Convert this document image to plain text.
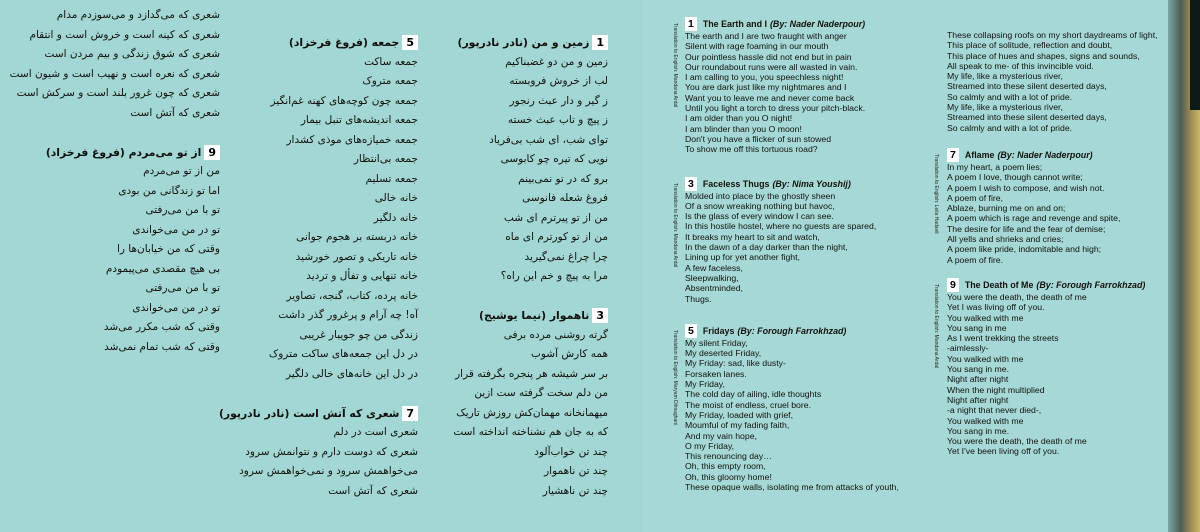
1
زمین و من (نادر نادرپور)
زمین و من دو غضبناکیم
لب از خروش فروبسته
ز گیر و دار عبث رنجور
ز پیچ و تاب عبث خسته
توای شب، ای شب بی‌فریاد
نویی که تیره چو کابوسی
برو که در تو نمی‌بینم
فروغ شعله فانوسی
من از تو پیرترم ای شب
من از تو کورترم ای ماه
چرا چراغ نمی‌گیرید
مرا به پیچ و خم این راه؟

3
ناهموار (نیما یوشیج)
گرته روشنی مرده برفی
همه کارش آشوب
بر سر شیشه هر پنجره بگرفته قرار
من دلم سخت گرفته ست ازین
میهمانخانه مهمان‌کش روزش تاریک
که به جان هم نشناخته انداخته است
چند تن خواب‌آلود
چند تن ناهموار
چند تن ناهشیار
5
جمعه (فروغ فرخزاد)
جمعه ساکت
جمعه متروک
جمعه چون کوچه‌های کهنه غم‌انگیز
جمعه اندیشه‌های تنبل بیمار
جمعه خمیازه‌های موذی کشدار
جمعه بی‌انتظار
جمعه تسلیم
خانه خالی
خانه دلگیر
خانه دربسته بر هجوم جوانی
خانه تاریکی و تصور خورشید
خانه تنهایی و تفأل و تردید
خانه پرده، کتاب، گنجه، تصاویر
آه‌! چه آرام و پرغرور گذر داشت
زندگی من چو جویبار غریبی
در دل این جمعه‌های ساکت متروک
در دل این خانه‌های خالی دلگیر

7
شعری که آتش است (نادر نادرپور)
شعری است در دلم
شعری که دوست دارم و نتوانمش سرود
می‌خواهمش سرود و نمی‌خواهمش سرود
شعری که آتش است
شعری که می‌گدازد و می‌سوزدم مدام
شعری که کینه است و خروش است و انتقام
شعری که شوق زندگی و بیم مردن است
شعری که نعره است و نهیب است و شیون است
شعری که چون غرور بلند است و سرکش است
شعری که آتش است

9
از تو می‌مردم (فروغ فرخزاد)
من از تو می‌مردم
اما تو زندگانی من بودی
تو با من می‌رفتی
تو در من می‌خواندی
وقتی که من خیابان‌ها را
بی هیچ مقصدی می‌پیمودم
تو با من می‌رفتی
تو در من می‌خواندی
وقتی که شب مکرر می‌شد
وقتی که شب تمام نمی‌شد
1	The Earth and I (By: Nader Naderpour)
The earth and I are two fraught with anger
Silent with rage foaming in our mouth
Our pointless hassle did not end but in pain
Our roundabout runs were all wasted in vain.
I am calling to you, you speechless night!
You are dark just like my nightmares and I
Want you to leave me and never come back
Until you light a torch to dress your pitch-black.
I am older than you O night!
I am blinder than you O moon!
Don't you have a flicker of sun stowed
To show me off this tortuous road?
Translation to English: Mandana Ardal
3	Faceless Thugs (By: Nima Youshij)
Molded into place by the ghostly sheen
Of a snow wreaking nothing but havoc,
Is the glass of every window I can see.
In this hostile hostel, where no guests are spared,
It breaks my heart to sit and watch,
In the dawn of a day darker than the night,
Lining up for yet another fight,
A few faceless,
Sleepwalking,
Absentminded,
Thugs.
Translation to English: Mandana Ardal
5	Fridays (By: Forough Farrokhzad)
My silent Friday,
My deserted Friday,
My Friday: sad, like dusty-
Forsaken lanes.
My Friday,
The cold day of ailing, idle thoughts
The moist of endless, cruel bore.
My Friday, loaded with grief,
Moumful of my fading faith,
And my vain hope,
O my Friday,
This renouncing day…
Oh, this empty room,
Oh, this gloomy home!
These opaque walls, isolating me from attacks of youth,
Translation to English: Maryam Dilmaghani
These collapsing roofs on my short daydreams of light,
This place of solitude, reflection and doubt,
This place of hues and shapes, signs and sounds,
All speak to me- of this invincible void.
My life, like a mysterious river,
Streamed into these silent deserted days,
So calmly and with a lot of pride.
My life, like a mysterious river,
Streamed into these silent deserted days,
So calmly and with a lot of pride.
7	Aflame (By: Nader Naderpour)
In my heart, a poem lies;
A poem I love, though cannot write;
A poem I wish to compose, and wish not.
A poem of fire,
Ablaze, burning me on and on;
A poem which is rage and revenge and spite,
The desire for life and the fear of demise;
All yells and shrieks and cries;
A poem like pride, indomitable and high;
A poem of fire.
Translation to English: Leila Hadavit
9	The Death of Me (By: Forough Farrokhzad)
You were the death, the death of me
Yet I was living off of you.
You walked with me
You sang in me
As I went trekking the streets
-aimlessly-
You walked with me
You sang in me.
Night after night
When the night multiplied
Night after night
-a night that never died-,
You walked with me
You sang in me.
You were the death, the death of me
Yet I've been living off of you.
Translation to English: Mandana Ardal
